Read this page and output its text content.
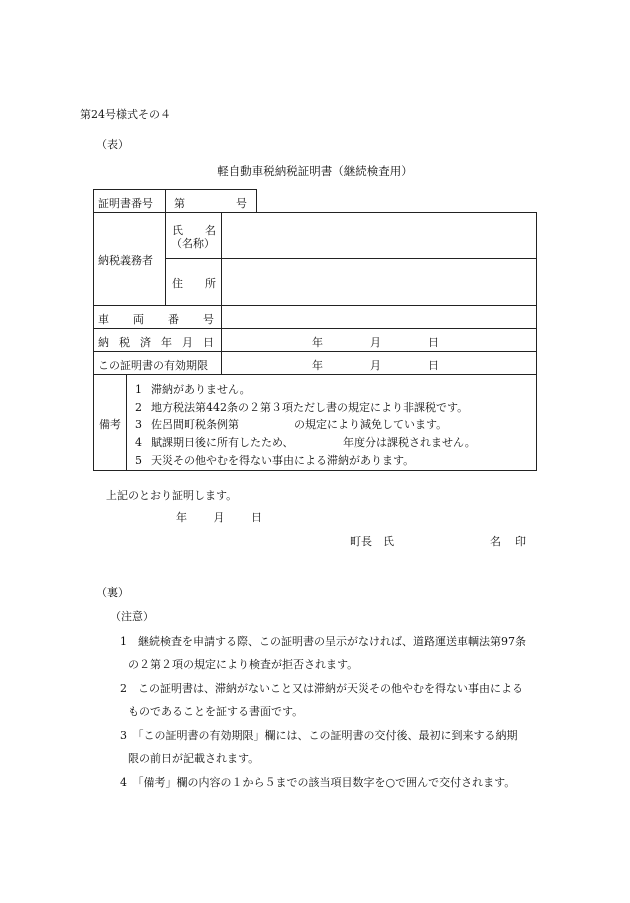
第24号様式その４
（表）
軽自動車税納税証明書（継続検査用）
証明書番号 第	号
納税義務者
氏 名
（名称）
住 所
車 両 番 号
納 税 済 年 月 日	年	月	日
この証明書の有効期限	年	月	日
備考
1 滞納がありません。
2 地方税法第442条の２第３項ただし書の規定により非課税です。
3 佐呂間町税条例第　　　　　の規定により減免しています。
4 賦課期日後に所有したため、　　　　　年度分は課税されません。
5 天災その他やむを得ない事由による滞納があります。
上記のとおり証明します。
年 月 日
町長　氏	名 印
（裏）
（注意）
1　 継続検査を申請する際、この証明書の呈示がなければ、道路運送車輌法第97条
の２第２項の規定により検査が拒否されます。
2　 この証明書は、滞納がないこと又は滞納が天災その他やむを得ない事由による
ものであることを証する書面です。
3　 「この証明書の有効期限」欄には、この証明書の交付後、最初に到来する納期
限の前日が記載されます。
4　 「備考」欄の内容の１から５までの該当項目数字を○で囲んで交付されます。
